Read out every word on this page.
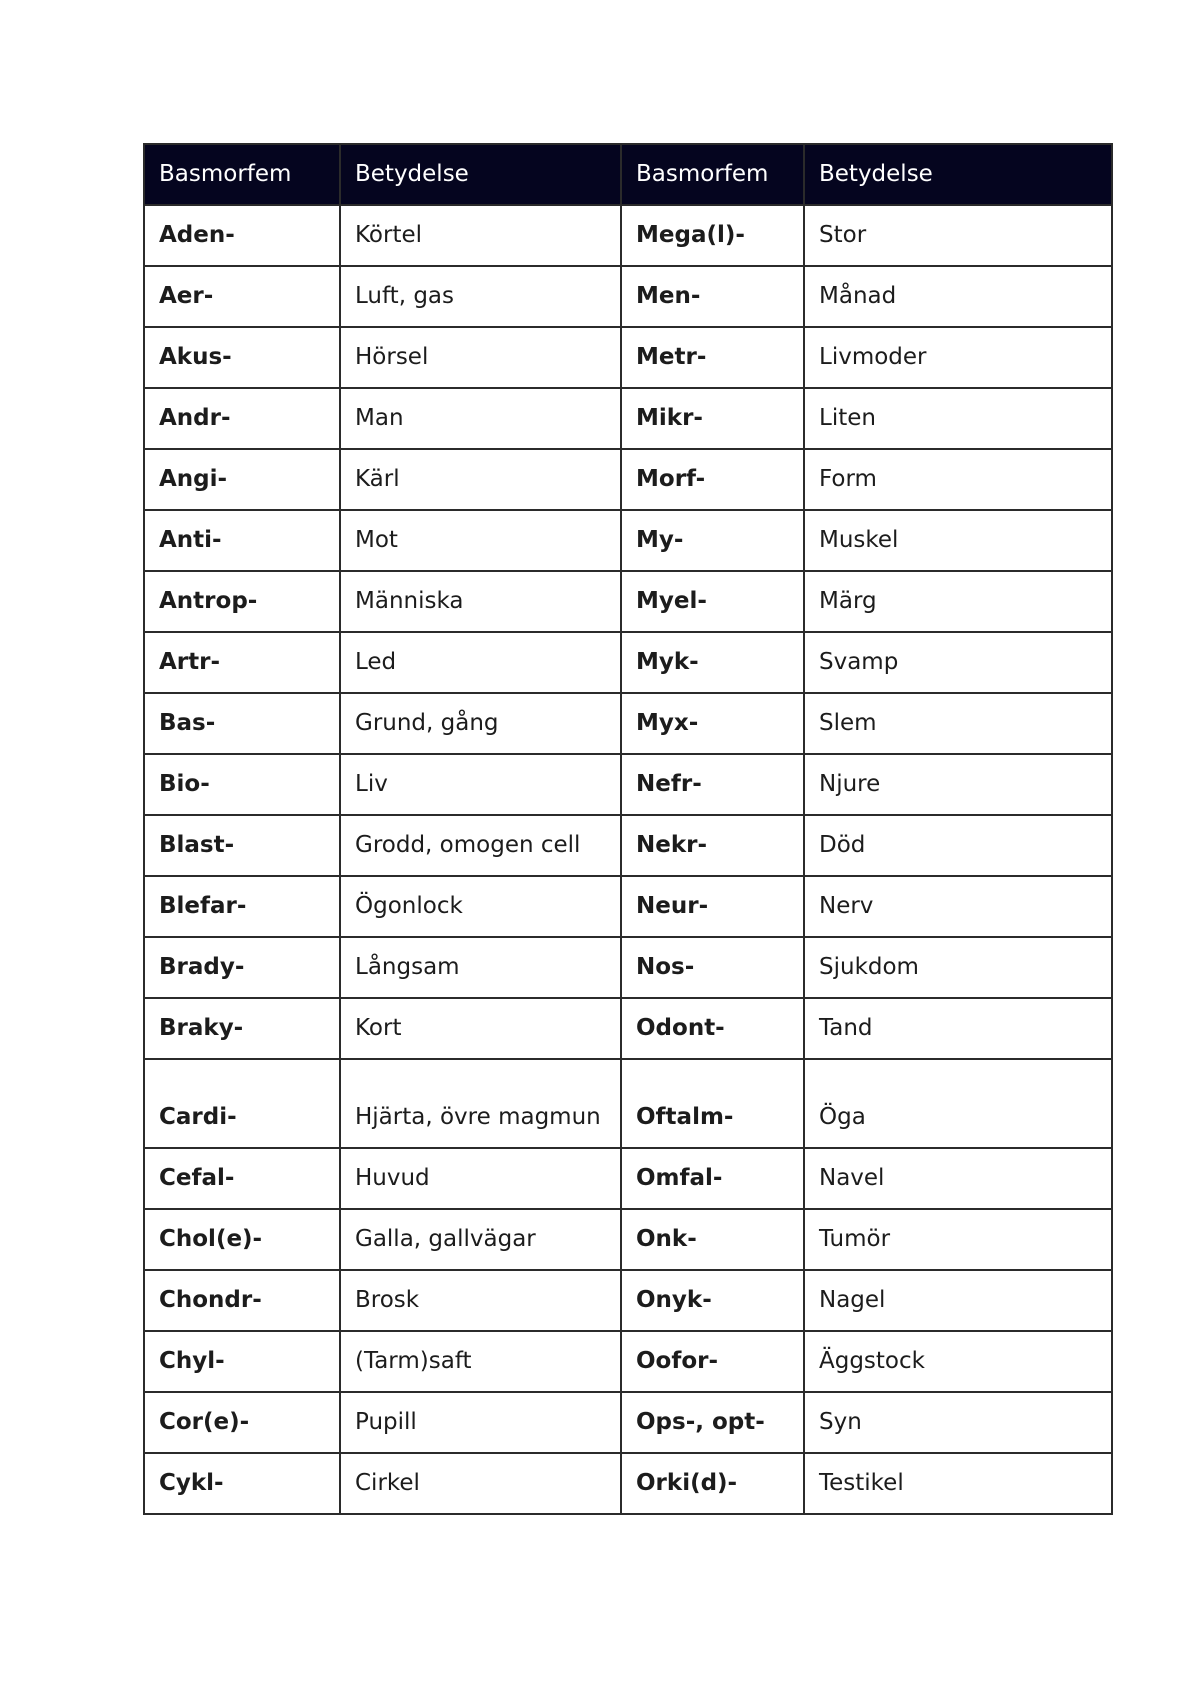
Basmorfem	Betydelse	Basmorfem	Betydelse
Aden-	Körtel	Mega(l)-	Stor
Aer-	Luft, gas	Men-	Månad
Akus-	Hörsel	Metr-	Livmoder
Andr-	Man	Mikr-	Liten
Angi-	Kärl	Morf-	Form
Anti-	Mot	My-	Muskel
Antrop-	Människa	Myel-	Märg
Artr-	Led	Myk-	Svamp
Bas-	Grund, gång	Myx-	Slem
Bio-	Liv	Nefr-	Njure
Blast-	Grodd, omogen cell	Nekr-	Död
Blefar-	Ögonlock	Neur-	Nerv
Brady-	Långsam	Nos-	Sjukdom
Braky-	Kort	Odont-	Tand
Cardi-	Hjärta, övre magmun	Oftalm-	Öga
Cefal-	Huvud	Omfal-	Navel
Chol(e)-	Galla, gallvägar	Onk-	Tumör
Chondr-	Brosk	Onyk-	Nagel
Chyl-	(Tarm)saft	Oofor-	Äggstock
Cor(e)-	Pupill	Ops-, opt-	Syn
Cykl-	Cirkel	Orki(d)-	Testikel
